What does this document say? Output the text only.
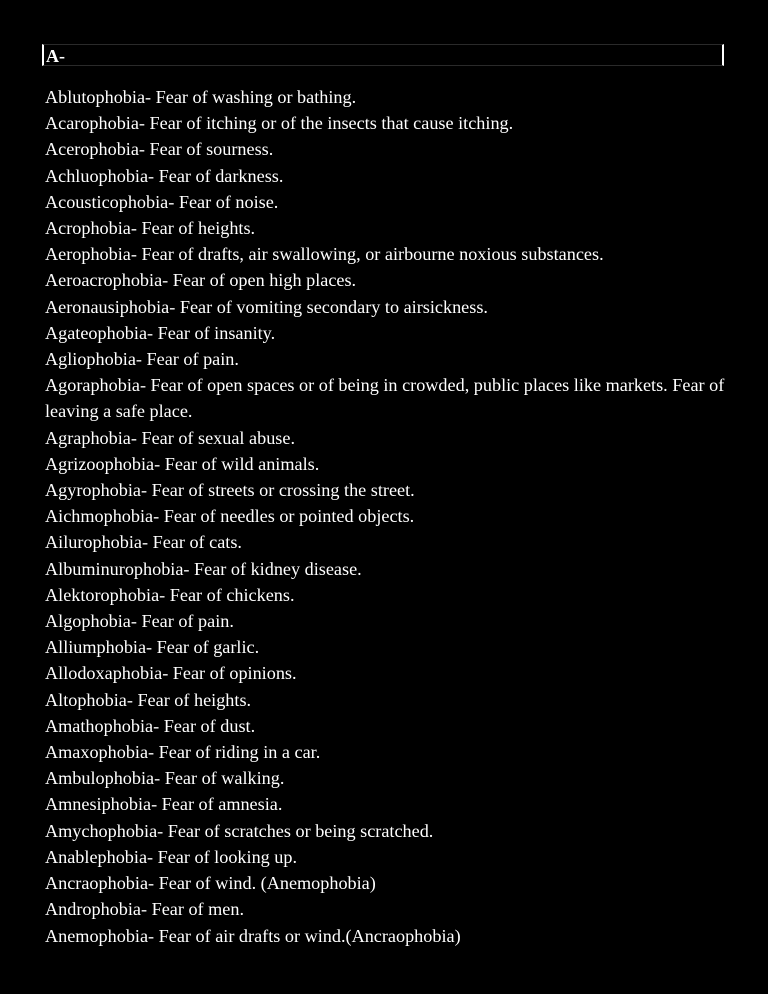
A-
Ablutophobia- Fear of washing or bathing.
Acarophobia- Fear of itching or of the insects that cause itching.
Acerophobia- Fear of sourness.
Achluophobia- Fear of darkness.
Acousticophobia- Fear of noise.
Acrophobia- Fear of heights.
Aerophobia- Fear of drafts, air swallowing, or airbourne noxious substances.
Aeroacrophobia- Fear of open high places.
Aeronausiphobia- Fear of vomiting secondary to airsickness.
Agateophobia- Fear of insanity.
Agliophobia- Fear of pain.
Agoraphobia- Fear of open spaces or of being in crowded, public places like markets. Fear of leaving a safe place.
Agraphobia- Fear of sexual abuse.
Agrizoophobia- Fear of wild animals.
Agyrophobia- Fear of streets or crossing the street.
Aichmophobia- Fear of needles or pointed objects.
Ailurophobia- Fear of cats.
Albuminurophobia- Fear of kidney disease.
Alektorophobia- Fear of chickens.
Algophobia- Fear of pain.
Alliumphobia- Fear of garlic.
Allodoxaphobia- Fear of opinions.
Altophobia- Fear of heights.
Amathophobia- Fear of dust.
Amaxophobia- Fear of riding in a car.
Ambulophobia- Fear of walking.
Amnesiphobia- Fear of amnesia.
Amychophobia- Fear of scratches or being scratched.
Anablephobia- Fear of looking up.
Ancraophobia- Fear of wind. (Anemophobia)
Androphobia- Fear of men.
Anemophobia- Fear of air drafts or wind.(Ancraophobia)
